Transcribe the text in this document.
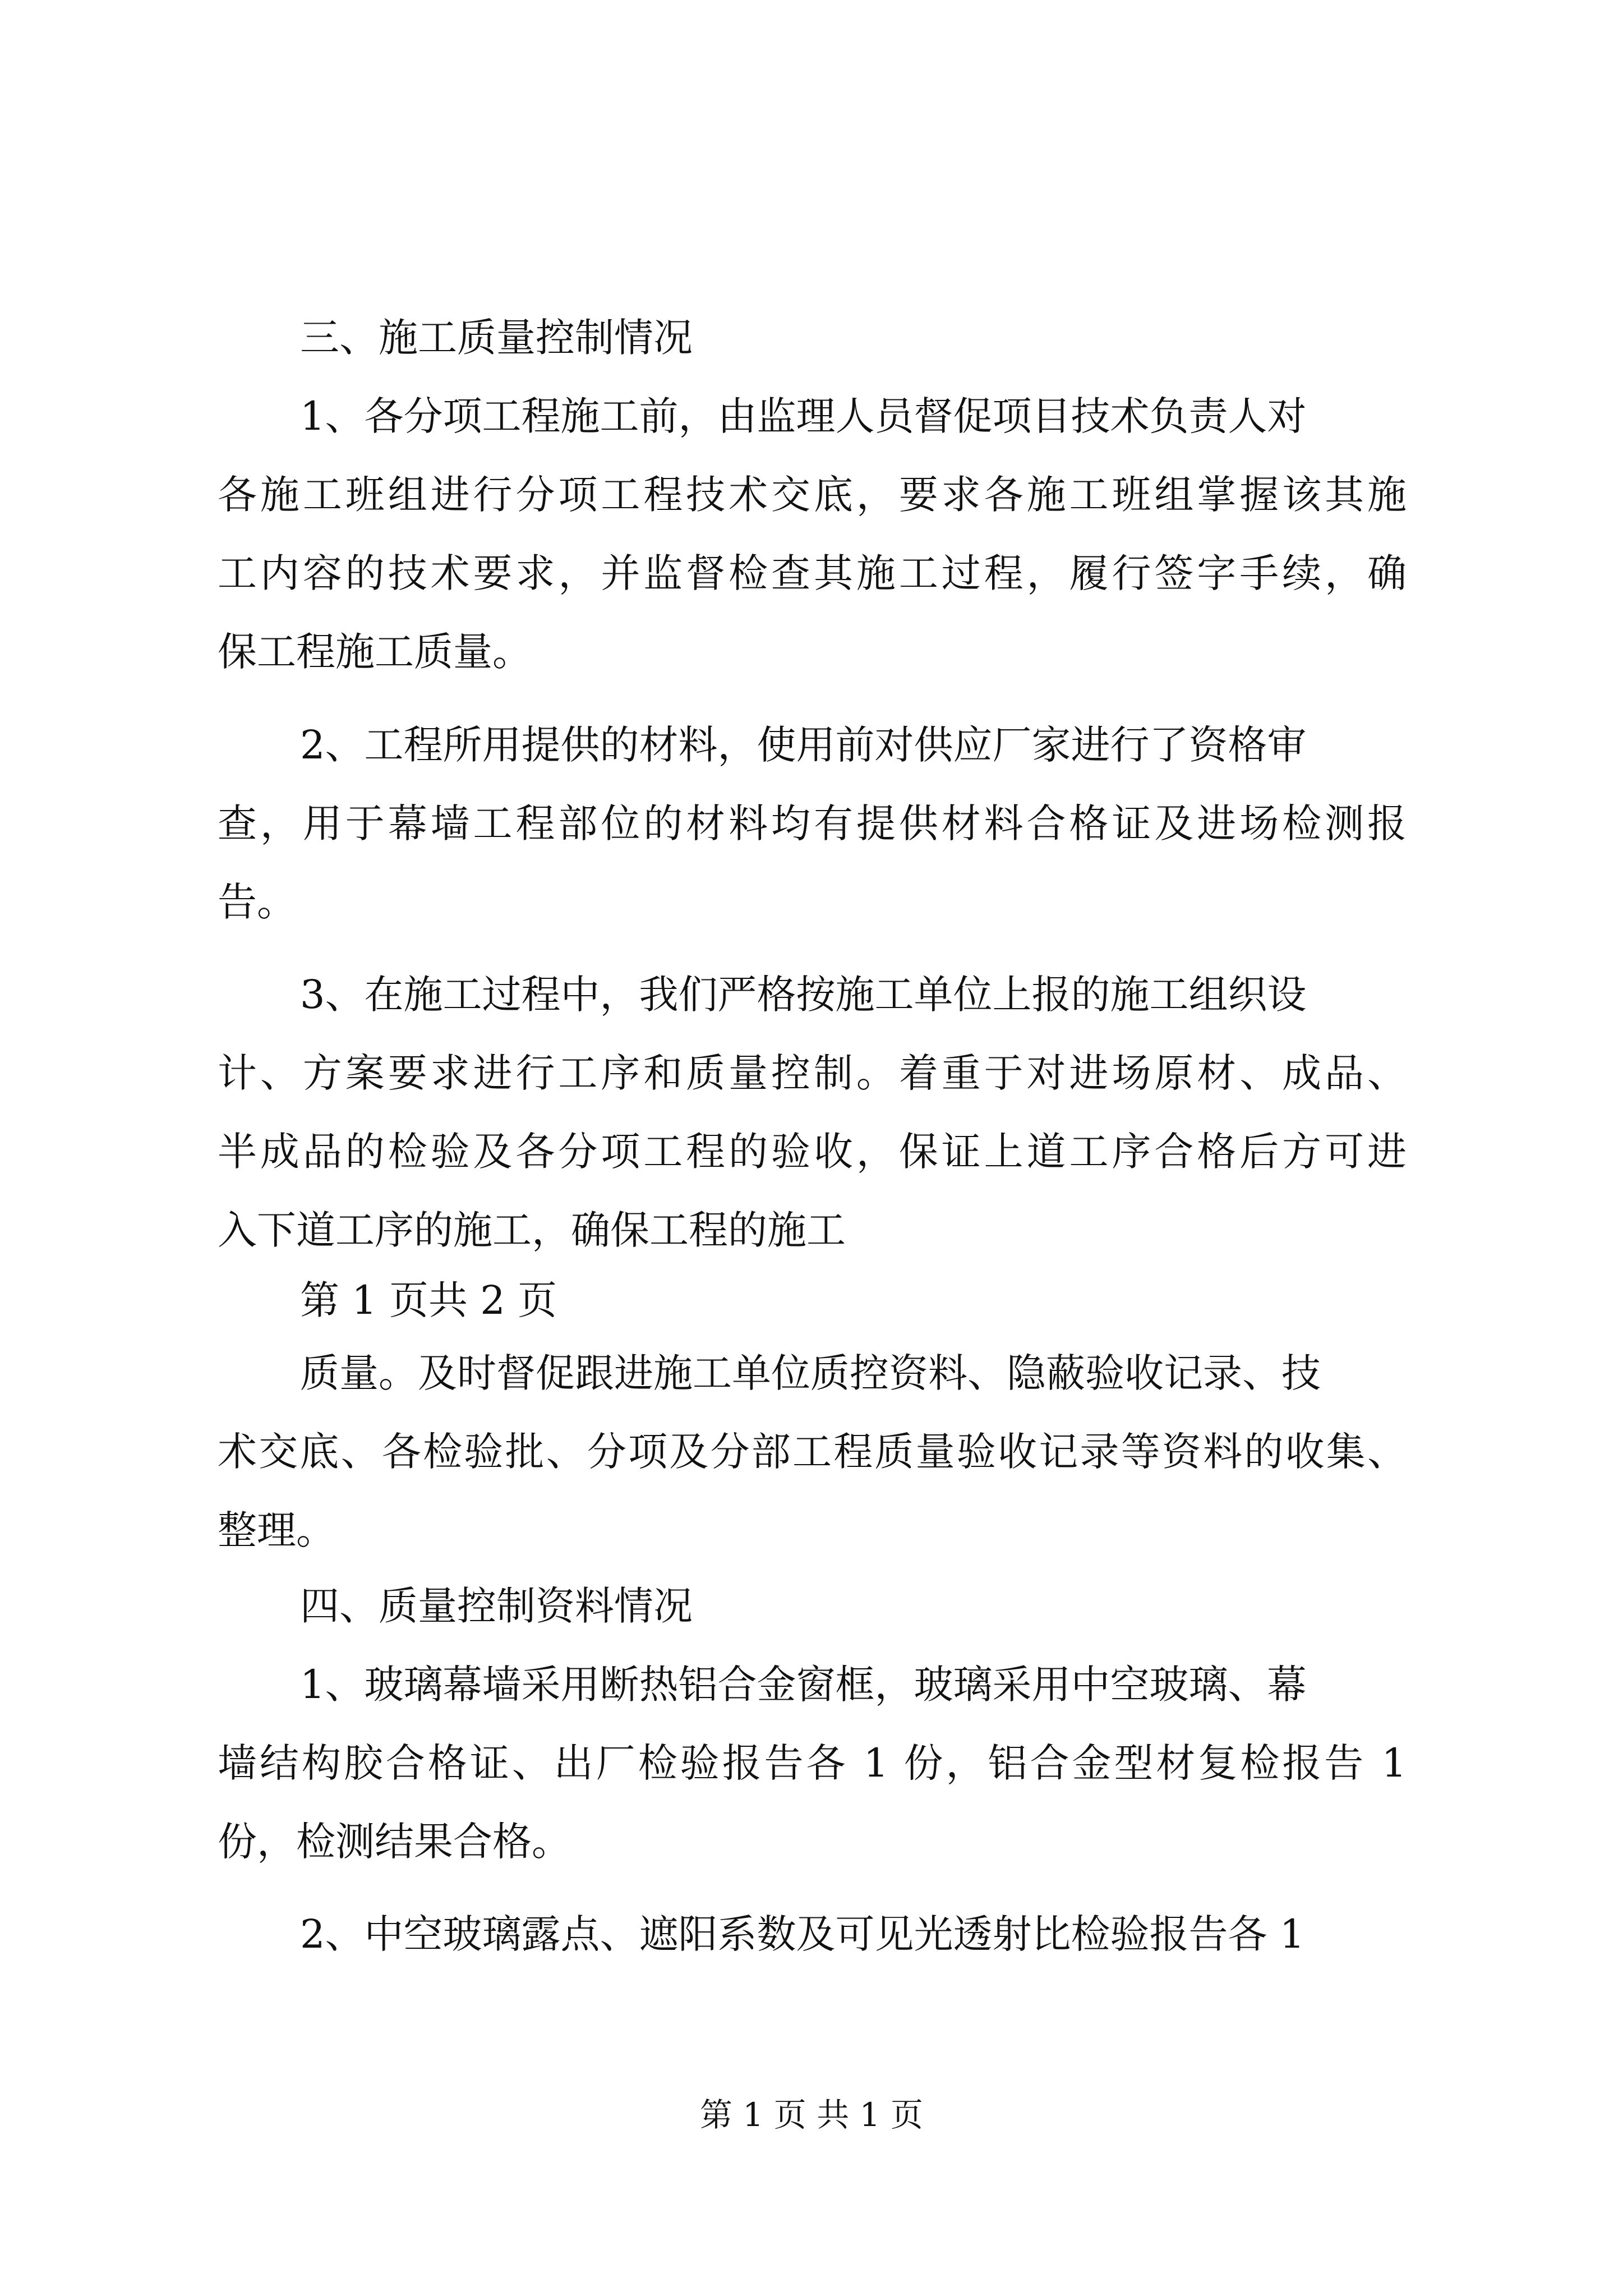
三、施工质量控制情况
1、各分项工程施工前，由监理人员督促项目技术负责人对
各施工班组进行分项工程技术交底，要求各施工班组掌握该其施
工内容的技术要求，并监督检查其施工过程，履行签字手续，确
保工程施工质量。
2、工程所用提供的材料，使用前对供应厂家进行了资格审
查，用于幕墙工程部位的材料均有提供材料合格证及进场检测报
告。
3、在施工过程中，我们严格按施工单位上报的施工组织设
计、方案要求进行工序和质量控制。着重于对进场原材、成品、
半成品的检验及各分项工程的验收，保证上道工序合格后方可进
入下道工序的施工，确保工程的施工
第 1 页共 2 页
质量。及时督促跟进施工单位质控资料、隐蔽验收记录、技
术交底、各检验批、分项及分部工程质量验收记录等资料的收集、
整理。
四、质量控制资料情况
1、玻璃幕墙采用断热铝合金窗框，玻璃采用中空玻璃、幕
墙结构胶合格证、出厂检验报告各 1 份，铝合金型材复检报告 1
份，检测结果合格。
2、中空玻璃露点、遮阳系数及可见光透射比检验报告各 1
第 1 页 共 1 页
